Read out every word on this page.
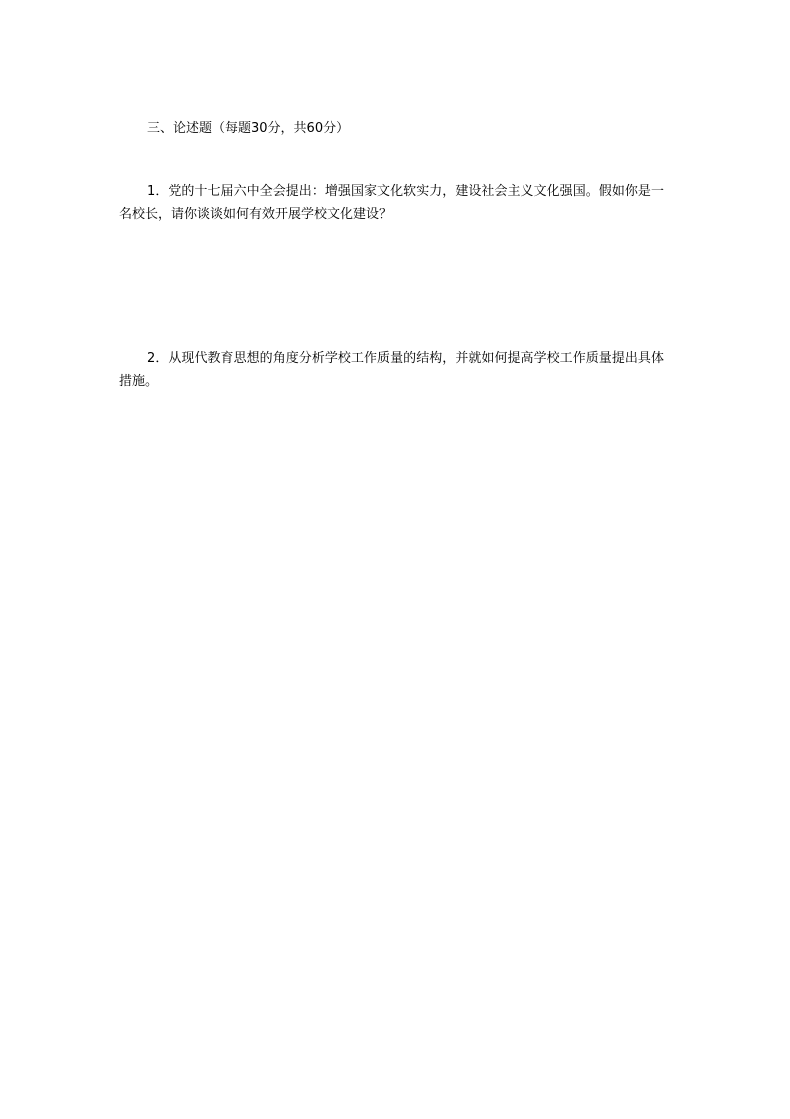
三、论述题（每题30分，共60分）

1．党的十七届六中全会提出：增强国家文化软实力，建设社会主义文化强国。假如你是一名校长，请你谈谈如何有效开展学校文化建设？

2．从现代教育思想的角度分析学校工作质量的结构，并就如何提高学校工作质量提出具体措施。
